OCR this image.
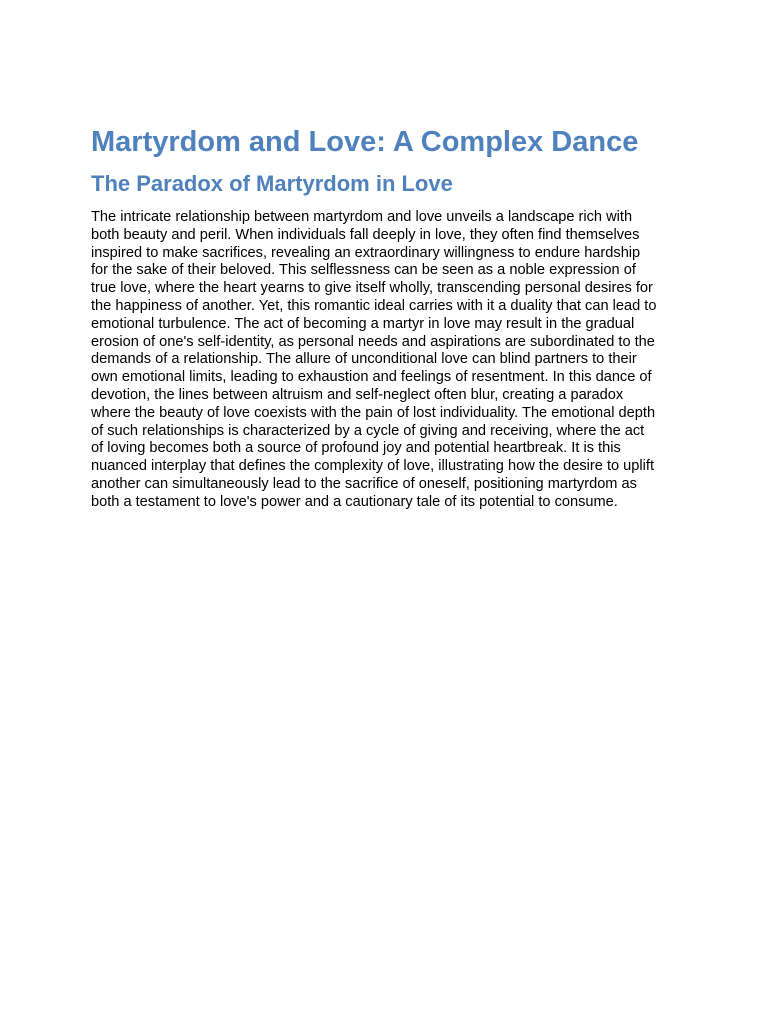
Martyrdom and Love: A Complex Dance
The Paradox of Martyrdom in Love

The intricate relationship between martyrdom and love unveils a landscape rich with
both beauty and peril. When individuals fall deeply in love, they often find themselves
inspired to make sacrifices, revealing an extraordinary willingness to endure hardship
for the sake of their beloved. This selflessness can be seen as a noble expression of
true love, where the heart yearns to give itself wholly, transcending personal desires for
the happiness of another. Yet, this romantic ideal carries with it a duality that can lead to
emotional turbulence. The act of becoming a martyr in love may result in the gradual
erosion of one's self-identity, as personal needs and aspirations are subordinated to the
demands of a relationship. The allure of unconditional love can blind partners to their
own emotional limits, leading to exhaustion and feelings of resentment. In this dance of
devotion, the lines between altruism and self-neglect often blur, creating a paradox
where the beauty of love coexists with the pain of lost individuality. The emotional depth
of such relationships is characterized by a cycle of giving and receiving, where the act
of loving becomes both a source of profound joy and potential heartbreak. It is this
nuanced interplay that defines the complexity of love, illustrating how the desire to uplift
another can simultaneously lead to the sacrifice of oneself, positioning martyrdom as
both a testament to love's power and a cautionary tale of its potential to consume.
